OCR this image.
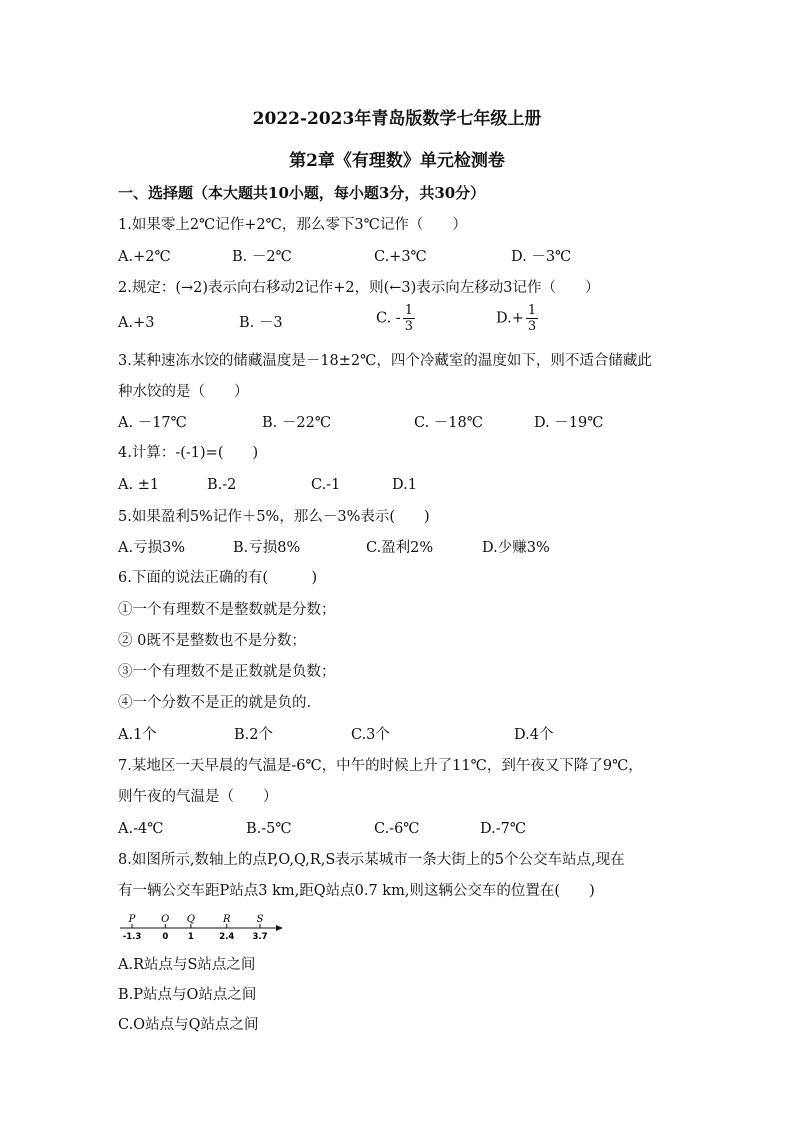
2022-2023年青岛版数学七年级上册
第2章《有理数》单元检测卷
一、选择题（本大题共10小题，每小题3分，共30分）
1.如果零上2℃记作+2℃，那么零下3℃记作（　　）
A.+2℃	B. －2℃	C.+3℃	D. －3℃
2.规定：(→2)表示向右移动2记作+2，则(←3)表示向左移动3记作（　　）
A.+3	B. －3	C. - $\frac{1}{3}$	$D.+ \frac{1}{3}$
3.某种速冻水饺的储藏温度是－18±2℃，四个冷藏室的温度如下，则不适合储藏此
种水饺的是（　　）
A. －17℃	B. －22℃	C. －18℃	D. －19℃
4.计算：-(-1)=(　　)
A. ±1	B.-2	C.-1	D.1
5.如果盈利5%记作＋5%，那么－3%表示(　　)
A.亏损3%	B.亏损8%	C.盈利2%	D.少赚3%
6.下面的说法正确的有(　　　)
①一个有理数不是整数就是分数；
② 0既不是整数也不是分数；
③一个有理数不是正数就是负数；
④一个分数不是正的就是负的.
A.1个	B.2个	C.3个	D.4个
7.某地区一天早晨的气温是-6℃，中午的时候上升了11℃，到午夜又下降了9℃，
则午夜的气温是（　　）
A.-4℃	B.-5℃	C.-6℃	D.-7℃
8.如图所示,数轴上的点P,O,Q,R,S表示某城市一条大街上的5个公交车站点,现在
有一辆公交车距P站点3 km,距Q站点0.7 km,则这辆公交车的位置在(　　)
P
-1.3
O
0
Q
1
R
2.4
S
3.7
A.R站点与S站点之间
B.P站点与O站点之间
C.O站点与Q站点之间
